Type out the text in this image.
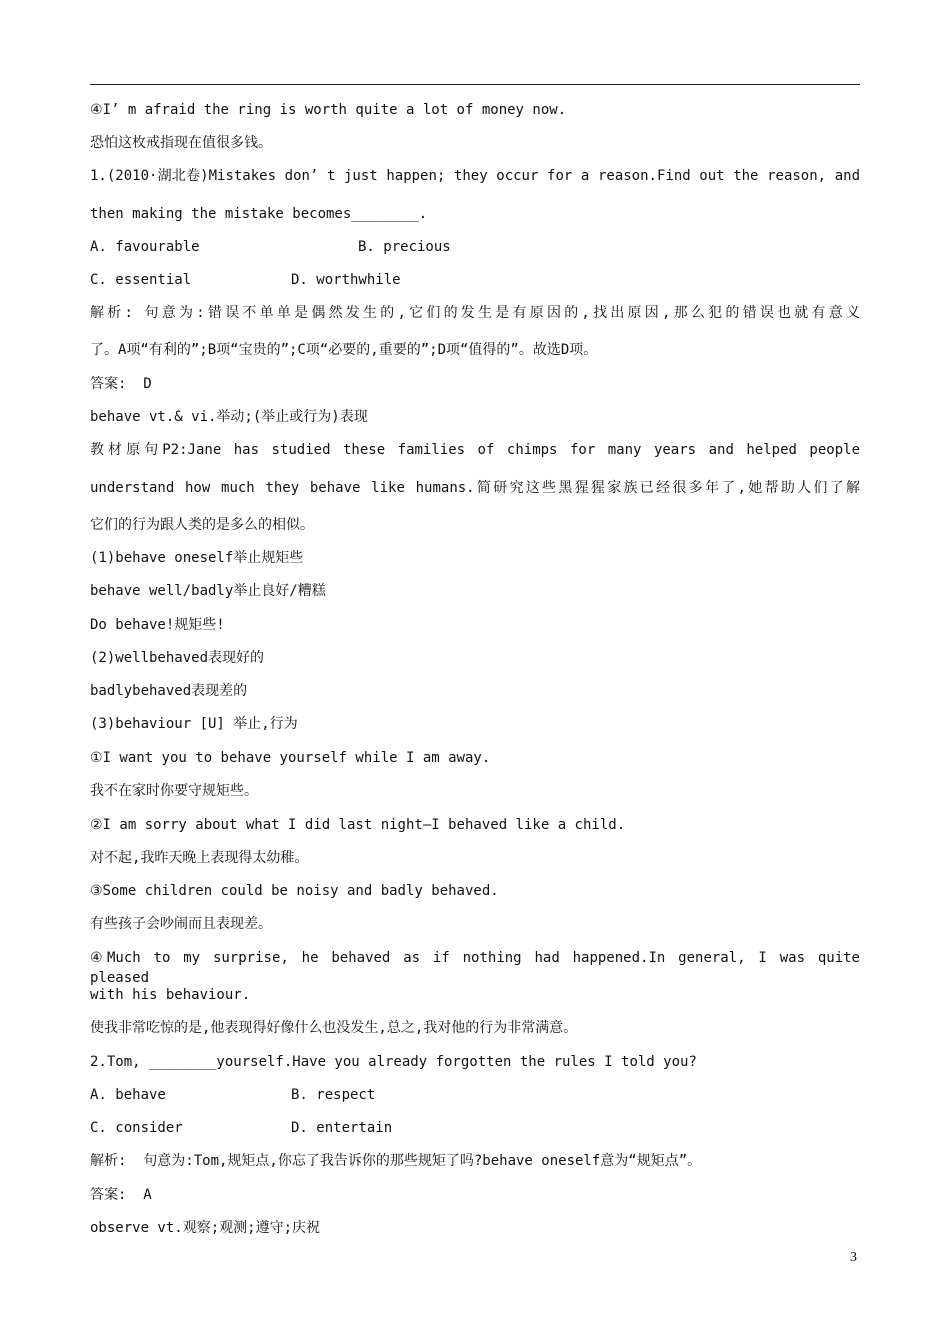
④I’ m afraid the ring is worth quite a lot of money now.
恐怕这枚戒指现在值很多钱。
1.(2010·湖北卷)Mistakes don’ t just happen; they occur for a reason.Find out the reason, and
then making the mistake becomes________.
A. favourable	B. precious
C. essential	D. worthwhile
解析: 句意为:错误不单单是偶然发生的,它们的发生是有原因的,找出原因,那么犯的错误也就有意义
了。A项“有利的”;B项“宝贵的”;C项“必要的,重要的”;D项“值得的”。故选D项。
答案:  D
behave vt.& vi.举动;(举止或行为)表现
教材原句P2:Jane has studied these families of chimps for many years and helped people
understand how much they behave like humans.简研究这些黑猩猩家族已经很多年了,她帮助人们了解
它们的行为跟人类的是多么的相似。
(1)behave oneself举止规矩些
behave well/badly举止良好/糟糕
Do behave!规矩些!
(2)wellbehaved表现好的
badlybehaved表现差的
(3)behaviour [U] 举止,行为
①I want you to behave yourself while I am away.
我不在家时你要守规矩些。
②I am sorry about what I did last night—I behaved like a child.
对不起,我昨天晚上表现得太幼稚。
③Some children could be noisy and badly behaved.
有些孩子会吵闹而且表现差。
④Much to my surprise, he behaved as if nothing had happened.In general, I was quite pleased
with his behaviour.
使我非常吃惊的是,他表现得好像什么也没发生,总之,我对他的行为非常满意。
2.Tom, ________yourself.Have you already forgotten the rules I told you?
A. behave	B. respect
C. consider	D. entertain
解析:  句意为:Tom,规矩点,你忘了我告诉你的那些规矩了吗?behave oneself意为“规矩点”。
答案:  A
observe vt.观察;观测;遵守;庆祝
3
